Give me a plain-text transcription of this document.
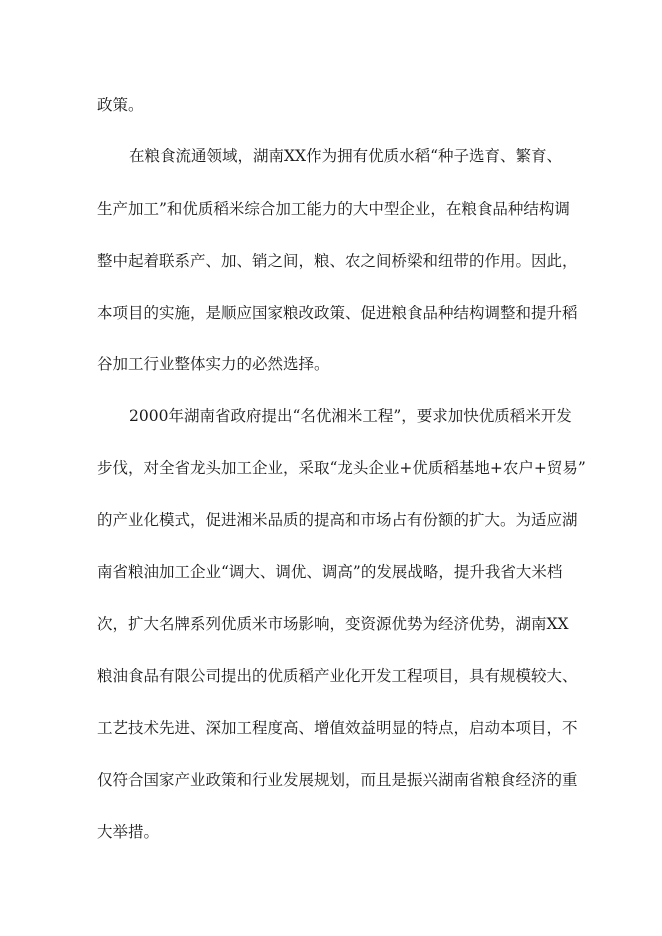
政策。
在粮食流通领域，湖南XX作为拥有优质水稻“种子选育、繁育、
生产加工”和优质稻米综合加工能力的大中型企业，在粮食品种结构调
整中起着联系产、加、销之间，粮、农之间桥梁和纽带的作用。因此，
本项目的实施，是顺应国家粮改政策、促进粮食品种结构调整和提升稻
谷加工行业整体实力的必然选择。
2000年湖南省政府提出“名优湘米工程”，要求加快优质稻米开发
步伐，对全省龙头加工企业，采取“龙头企业+优质稻基地+农户+贸易”
的产业化模式，促进湘米品质的提高和市场占有份额的扩大。为适应湖
南省粮油加工企业“调大、调优、调高”的发展战略，提升我省大米档
次，扩大名牌系列优质米市场影响，变资源优势为经济优势，湖南XX
粮油食品有限公司提出的优质稻产业化开发工程项目，具有规模较大、
工艺技术先进、深加工程度高、增值效益明显的特点，启动本项目，不
仅符合国家产业政策和行业发展规划，而且是振兴湖南省粮食经济的重
大举措。
